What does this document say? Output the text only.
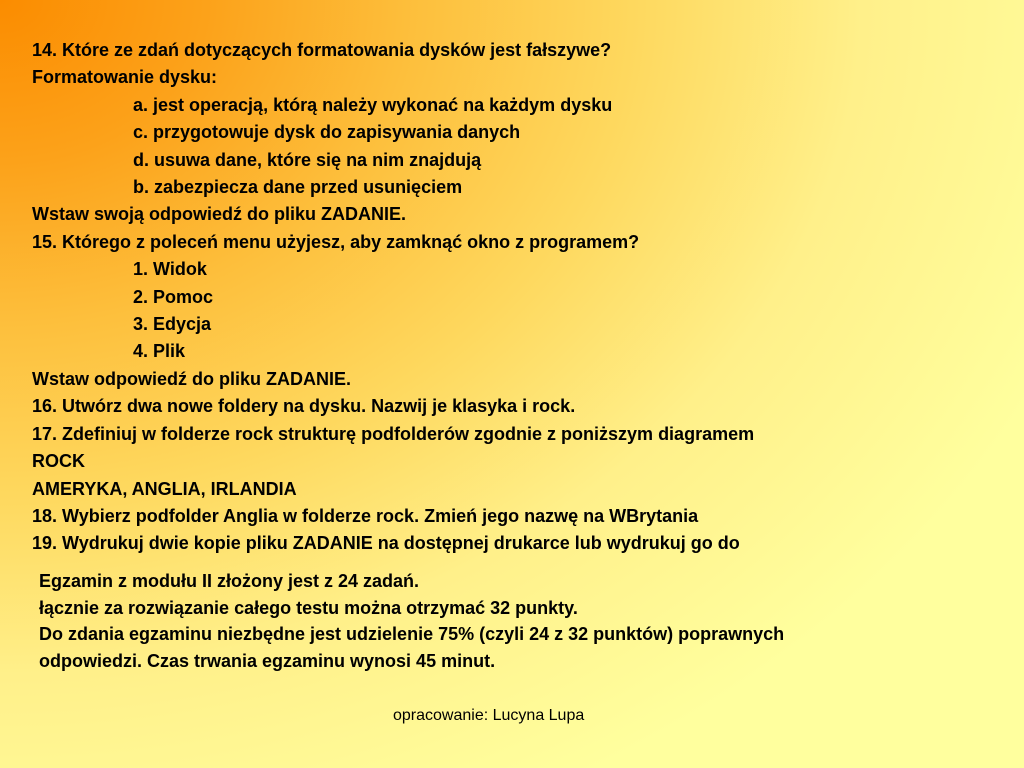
14. Które ze zdań dotyczących formatowania dysków jest fałszywe?
Formatowanie dysku:
a. jest operacją, którą należy wykonać na każdym dysku
c. przygotowuje dysk do zapisywania danych
d. usuwa dane, które się na nim znajdują
b. zabezpiecza dane przed usunięciem
Wstaw swoją odpowiedź do pliku ZADANIE.
15. Którego z poleceń menu użyjesz, aby zamknąć okno z programem?
1. Widok
2. Pomoc
3. Edycja
4. Plik
Wstaw odpowiedź do pliku ZADANIE.
16. Utwórz dwa nowe foldery na dysku. Nazwij je klasyka i rock.
17. Zdefiniuj w folderze rock strukturę podfolderów zgodnie z poniższym diagramem
ROCK
AMERYKA, ANGLIA, IRLANDIA
18. Wybierz podfolder Anglia w folderze rock. Zmień jego nazwę na WBrytania
19. Wydrukuj dwie kopie pliku ZADANIE na dostępnej drukarce lub wydrukuj go do
Egzamin z modułu II złożony jest z 24 zadań.
łącznie za rozwiązanie całego testu można otrzymać 32 punkty.
Do zdania egzaminu niezbędne jest udzielenie 75% (czyli 24 z 32 punktów) poprawnych
odpowiedzi. Czas trwania egzaminu wynosi 45 minut.
opracowanie: Lucyna Lupa
